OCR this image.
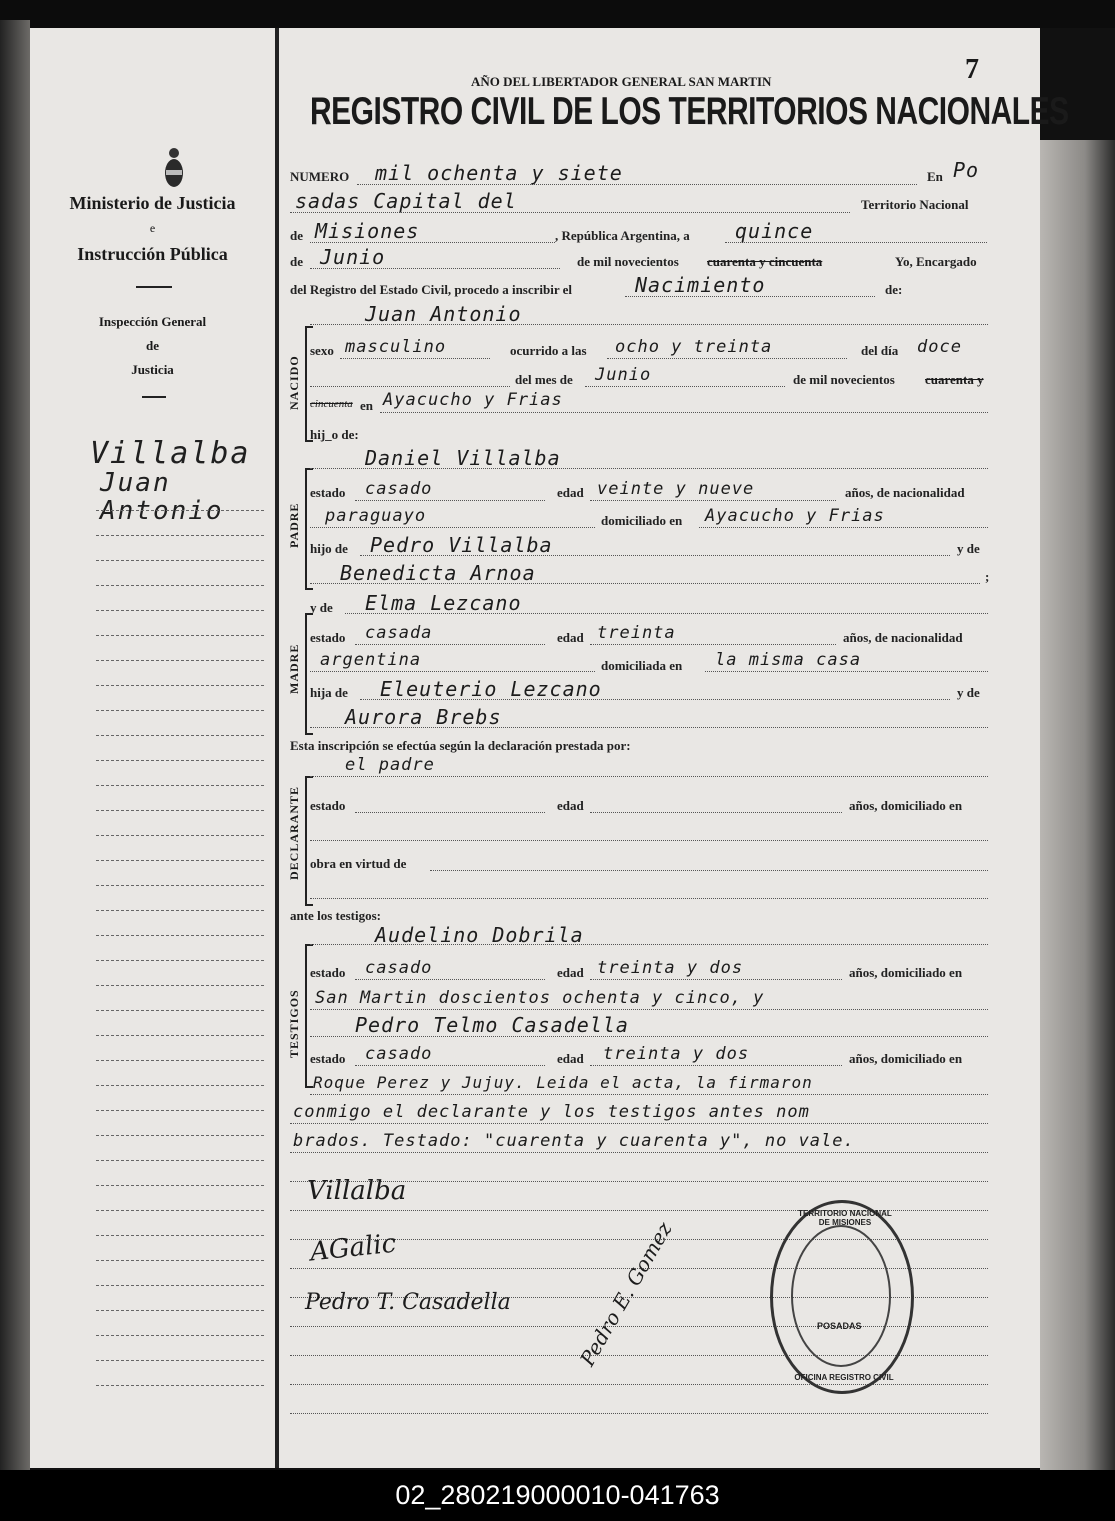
Ministerio de Justicia
e
Instrucción Pública
Inspección General
de
Justicia
Villalba
Juan
Antonio
7
AÑO DEL LIBERTADOR GENERAL SAN MARTIN
REGISTRO CIVIL DE LOS TERRITORIOS NACIONALES
NUMERO mil ochenta y siete	En Po
sadas Capital del	Territorio Nacional
de Misiones	, República Argentina, a quince
de Junio	de mil novecientos cuarenta y cincuenta	Yo, Encargado
del Registro del Estado Civil, procedo a inscribir el	Nacimiento	de:
NACIDO
Juan Antonio
sexo masculino	ocurrido a las ocho y treinta	del día doce
del mes de Junio	de mil novecientos cuarenta y
cincuenta en Ayacucho y Frias
hij_o de:
PADRE
Daniel Villalba
estado casado	edad veinte y nueve	años, de nacionalidad
paraguayo	domiciliado en Ayacucho y Frias
hijo de Pedro Villalba	y de
Benedicta Arnoa	;
MADRE
y de Elma Lezcano
estado casada	edad treinta	años, de nacionalidad
argentina	domiciliada en la misma casa
hija de Eleuterio Lezcano	y de
Aurora Brebs
Esta inscripción se efectúa según la declaración prestada por:
DECLARANTE
el padre
estado	edad	años, domiciliado en
obra en virtud de
ante los testigos:
TESTIGOS
Audelino Dobrila
estado casado	edad treinta y dos	años, domiciliado en
San Martin doscientos ochenta y cinco, y
Pedro Telmo Casadella
estado casado	edad treinta y dos	años, domiciliado en
Roque Perez y Jujuy. Leida el acta, la firmaron
conmigo el declarante y los testigos antes nom
brados. Testado: "cuarenta y cuarenta y", no vale.
Villalba
AGalic
Pedro T. Casadella	Pedro E. Gomez
TERRITORIO NACIONAL DE MISIONES
POSADAS
OFICINA REGISTRO CIVIL
02_280219000010-041763
